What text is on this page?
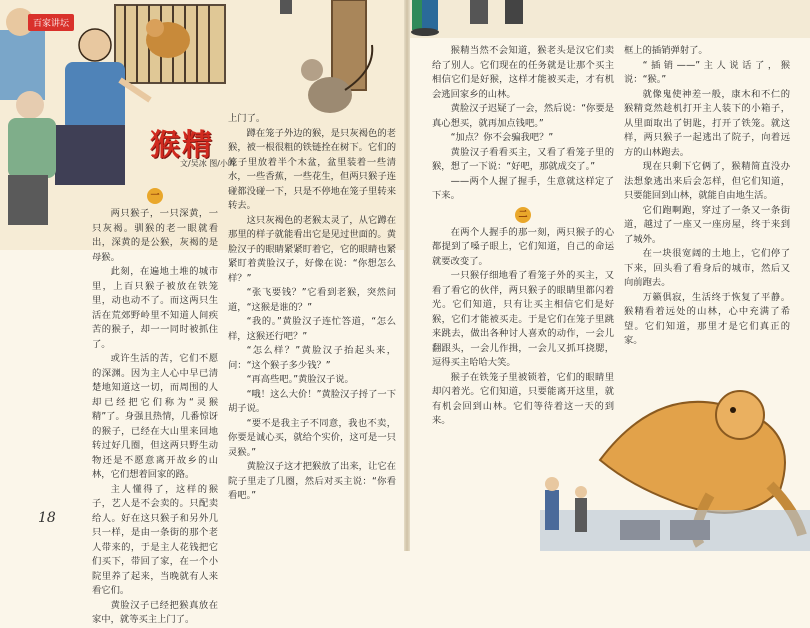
百家讲坛
猴精
文/吴冰 图/小晖
一

两只猴子，一只深黄，一只灰褐。驯猴的老一眼就看出，深黄的是公猴，灰褐的是母猴。

此刻，在遍地土堆的城市里，上百只猴子被放在铁笼里，动也动不了。而这两只生活在荒郊野岭里不知道人间疾苦的猴子，却一一同时被抓住了。

或许生活的苦，它们不愿的深渊。因为主人心中早已清楚地知道这一切，而周围的人却已经把它们称为“灵猴精”了。身强且热情，几番惊讶的猴子，已经在大山里来回地转过好几圈，但这两只野生动物还是不愿意离开故乡的山林，它们想着回家的路。

主人懂得了，这样的猴子，艺人是不会卖的。只配卖给人。好在这只猴子和另外几只一样，是由一条街的那个老人带来的，于是主人花钱把它们买下，带回了家，在一个小院里养了起来，当晚就有人来看它们。

黄脸汉子已经把猴真放在家中，就等买主上门了。

上门了。

蹲在笼子外边的猴，是只灰褐色的老猴，被一根很粗的铁链拴在树下。它们的笼子里放着半个木盆，盆里装着一些清水，一些香蕉，一些花生，但两只猴子连碰都没碰一下，只是不停地在笼子里转来转去。

这只灰褐色的老猴太灵了，从它蹲在那里的样子就能看出它是见过世面的。黄脸汉子的眼睛紧紧盯着它，它的眼睛也紧紧盯着黄脸汉子，好像在说：“你想怎么样？”

“张飞要钱？”它看到老猴，突然问道，“这猴是谁的？”

“我的。”黄脸汉子连忙答道，“怎么样，这猴还行吧？”

“怎么样？”黄脸汉子抬起头来，问：“这个猴子多少钱？”

“再高些吧。”黄脸汉子说。

“哦！这么大价！”黄脸汉子捋了一下胡子说。

“要不是我主子不同意，我也不卖，你要是诚心买，就给个实价，这可是一只灵猴。”

黄脸汉子这才把猴放了出来，让它在院子里走了几圈，然后对买主说：“你看看吧。”

18

猴精当然不会知道，猴老头是汉它们卖给了别人。它们现在的任务就是让那个买主相信它们是好猴，这样才能被买走，才有机会逃回家乡的山林。

黄脸汉子迟疑了一会，然后说：“你要是真心想买，就再加点钱吧。”

“加点？你不会骗我吧？”

黄脸汉子看看买主，又看了看笼子里的猴，想了一下说：“好吧，那就成交了。”

——两个人握了握手，生意就这样定了下来。

二

在两个人握手的那一刻，两只猴子的心都提到了嗓子眼上，它们知道，自己的命运就要改变了。

一只猴仔细地看了看笼子外的买主，又看了看它的伙伴，两只猴子的眼睛里都闪着光。它们知道，只有让买主相信它们是好猴，它们才能被买走。于是它们在笼子里跳来跳去，做出各种讨人喜欢的动作，一会儿翻跟头，一会儿作揖，一会儿又抓耳挠腮，逗得买主哈哈大笑。

猴子在铁笼子里被锁着，它们的眼睛里却闪着光。它们知道，只要能离开这里，就有机会回到山林。它们等待着这一天的到来。

框上的插销弹射了。

“插销——”主人说话了，猴说：“猴。”

就像鬼使神差一般，康木和不仁的猴精竟然趁机打开主人装下的小箱子，从里面取出了钥匙，打开了铁笼。就这样，两只猴子一起逃出了院子，向着远方的山林跑去。

现在只剩下它俩了，猴精简直没办法想象逃出来后会怎样，但它们知道，只要能回到山林，就能自由地生活。

它们跑啊跑，穿过了一条又一条街道，越过了一座又一座房屋，终于来到了城外。

在一块很宽阔的土地上，它们停了下来，回头看了看身后的城市，然后又向前跑去。

万籁俱寂，生活终于恢复了平静。猴精看着远处的山林，心中充满了希望。它们知道，那里才是它们真正的家。
